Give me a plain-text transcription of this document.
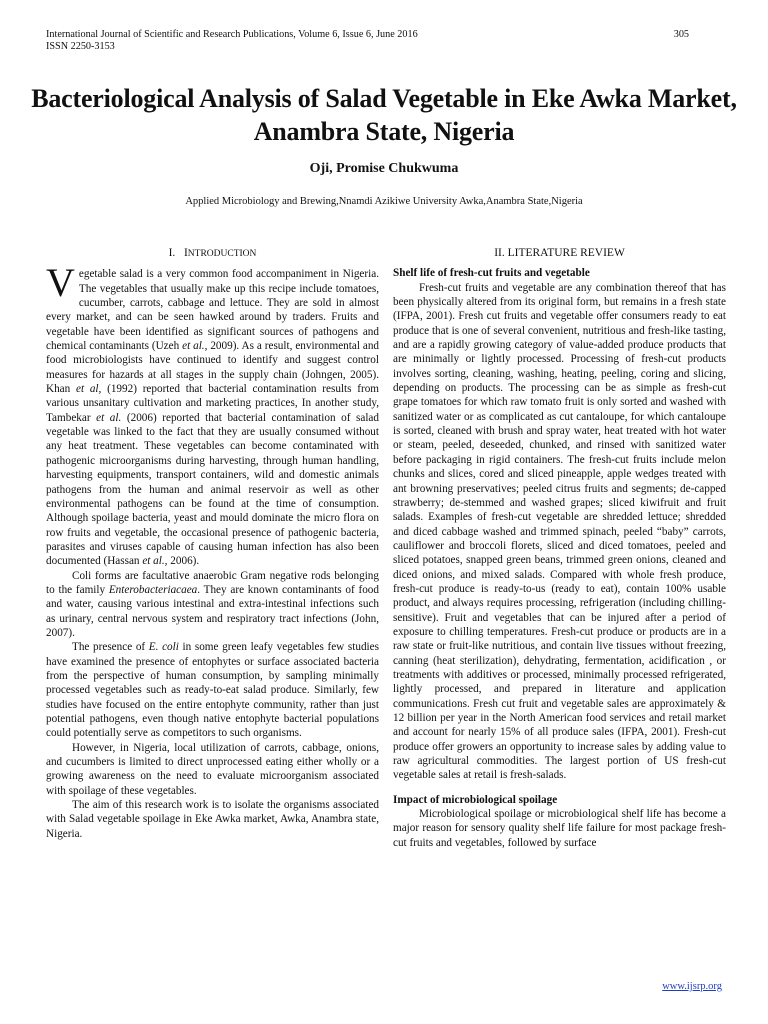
International Journal of Scientific and Research Publications, Volume 6, Issue 6, June 2016
ISSN 2250-3153
305
Bacteriological Analysis of Salad Vegetable in Eke Awka Market, Anambra State, Nigeria
Oji, Promise Chukwuma
Applied Microbiology and Brewing,Nnamdi Azikiwe University Awka,Anambra State,Nigeria
I. INTRODUCTION

Vegetable salad is a very common food accompaniment in Nigeria. The vegetables that usually make up this recipe include tomatoes, cucumber, carrots, cabbage and lettuce. They are sold in almost every market, and can be seen hawked around by traders. Fruits and vegetable have been identified as significant sources of pathogens and chemical contaminants (Uzeh et al., 2009). As a result, environmental and food microbiologists have continued to identify and suggest control measures for hazards at all stages in the supply chain (Johngen, 2005). Khan et al, (1992) reported that bacterial contamination results from various unsanitary cultivation and marketing practices, In another study, Tambekar et al. (2006) reported that bacterial contamination of salad vegetable was linked to the fact that they are usually consumed without any heat treatment. These vegetables can become contaminated with pathogenic microorganisms during harvesting, through human handling, harvesting equipments, transport containers, wild and domestic animals pathogens from the human and animal reservoir as well as other environmental pathogens can be found at the time of consumption. Although spoilage bacteria, yeast and mould dominate the micro flora on row fruits and vegetable, the occasional presence of pathogenic bacteria, parasites and viruses capable of causing human infection has also been documented (Hassan et al., 2006).

Coli forms are facultative anaerobic Gram negative rods belonging to the family Enterobacteriacaea. They are known contaminants of food and water, causing various intestinal and extra-intestinal infections such as urinary, central nervous system and respiratory tract infections (John, 2007).

The presence of E. coli in some green leafy vegetables few studies have examined the presence of entophytes or surface associated bacteria from the perspective of human consumption, by sampling minimally processed vegetables such as ready-to-eat salad produce. Similarly, few studies have focused on the entire entophyte community, rather than just potential pathogens, even though native entophyte bacterial populations could potentially serve as competitors to such organisms.

However, in Nigeria, local utilization of carrots, cabbage, onions, and cucumbers is limited to direct unprocessed eating either wholly or a growing awareness on the need to evaluate microorganism associated with spoilage of these vegetables.

The aim of this research work is to isolate the organisms associated with Salad vegetable spoilage in Eke Awka market, Awka, Anambra state, Nigeria.

II. LITERATURE REVIEW
Shelf life of fresh-cut fruits and vegetable

Fresh-cut fruits and vegetable are any combination thereof that has been physically altered from its original form, but remains in a fresh state (IFPA, 2001). Fresh cut fruits and vegetable offer consumers ready to eat produce that is one of several convenient, nutritious and fresh-like tasting, and are a rapidly growing category of value-added produce products that are minimally or lightly processed. Processing of fresh-cut products involves sorting, cleaning, washing, heating, peeling, coring and slicing, depending on products. The processing can be as simple as fresh-cut grape tomatoes for which raw tomato fruit is only sorted and washed with sanitized water or as complicated as cut cantaloupe, for which cantaloupe is sorted, cleaned with brush and spray water, heat treated with hot water or steam, peeled, deseeded, chunked, and rinsed with sanitized water before packaging in rigid containers. The fresh-cut fruits include melon chunks and slices, cored and sliced pineapple, apple wedges treated with ant browning preservatives; peeled citrus fruits and segments; de-capped strawberry; de-stemmed and washed grapes; sliced kiwifruit and fruit salads. Examples of fresh-cut vegetable are shredded lettuce; shredded and diced cabbage washed and trimmed spinach, peeled “baby” carrots, cauliflower and broccoli florets, sliced and diced tomatoes, peeled and sliced potatoes, snapped green beans, trimmed green onions, cleaned and diced onions, and mixed salads. Compared with whole fresh produce, fresh-cut produce is ready-to-us (ready to eat), contain 100% usable product, and always requires processing, refrigeration (including chilling-sensitive). Fruit and vegetables that can be injured after a period of exposure to chilling temperatures. Fresh-cut produce or products are in a raw state or fruit-like nutritious, and contain live tissues without freezing, canning (heat sterilization), dehydrating, fermentation, acidification , or treatments with additives or processed, minimally processed refrigerated, lightly processed, and prepared in literature and application communications. Fresh cut fruit and vegetable sales are approximately & 12 billion per year in the North American food services and retail market and account for nearly 15% of all produce sales (IFPA, 2001). Fresh-cut produce offer growers an opportunity to increase sales by adding value to raw agricultural commodities. The largest portion of US fresh-cut vegetable sales at retail is fresh-salads.

Impact of microbiological spoilage

Microbiological spoilage or microbiological shelf life has become a major reason for sensory quality shelf life failure for most package fresh-cut fruits and vegetables, followed by surface

www.ijsrp.org
